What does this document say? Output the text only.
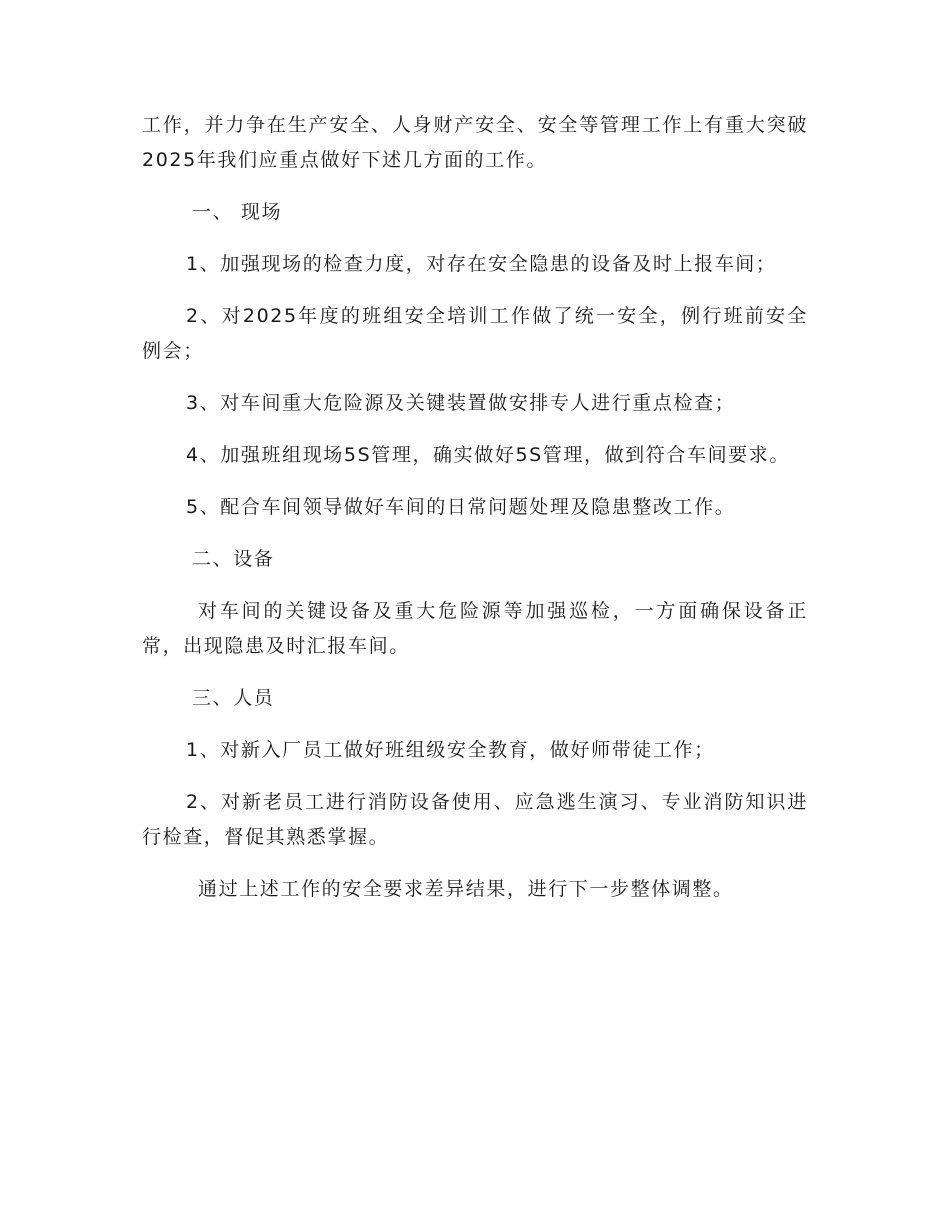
工作，并力争在生产安全、人身财产安全、安全等管理工作上有重大突破2025年我们应重点做好下述几方面的工作。

一、 现场

1、加强现场的检查力度，对存在安全隐患的设备及时上报车间；

2、对2025年度的班组安全培训工作做了统一安全，例行班前安全例会；

3、对车间重大危险源及关键装置做安排专人进行重点检查；

4、加强班组现场5S管理，确实做好5S管理，做到符合车间要求。

5、配合车间领导做好车间的日常问题处理及隐患整改工作。

二、设备

对车间的关键设备及重大危险源等加强巡检，一方面确保设备正常，出现隐患及时汇报车间。

三、人员

1、对新入厂员工做好班组级安全教育，做好师带徒工作；

2、对新老员工进行消防设备使用、应急逃生演习、专业消防知识进行检查，督促其熟悉掌握。

通过上述工作的安全要求差异结果，进行下一步整体调整。
